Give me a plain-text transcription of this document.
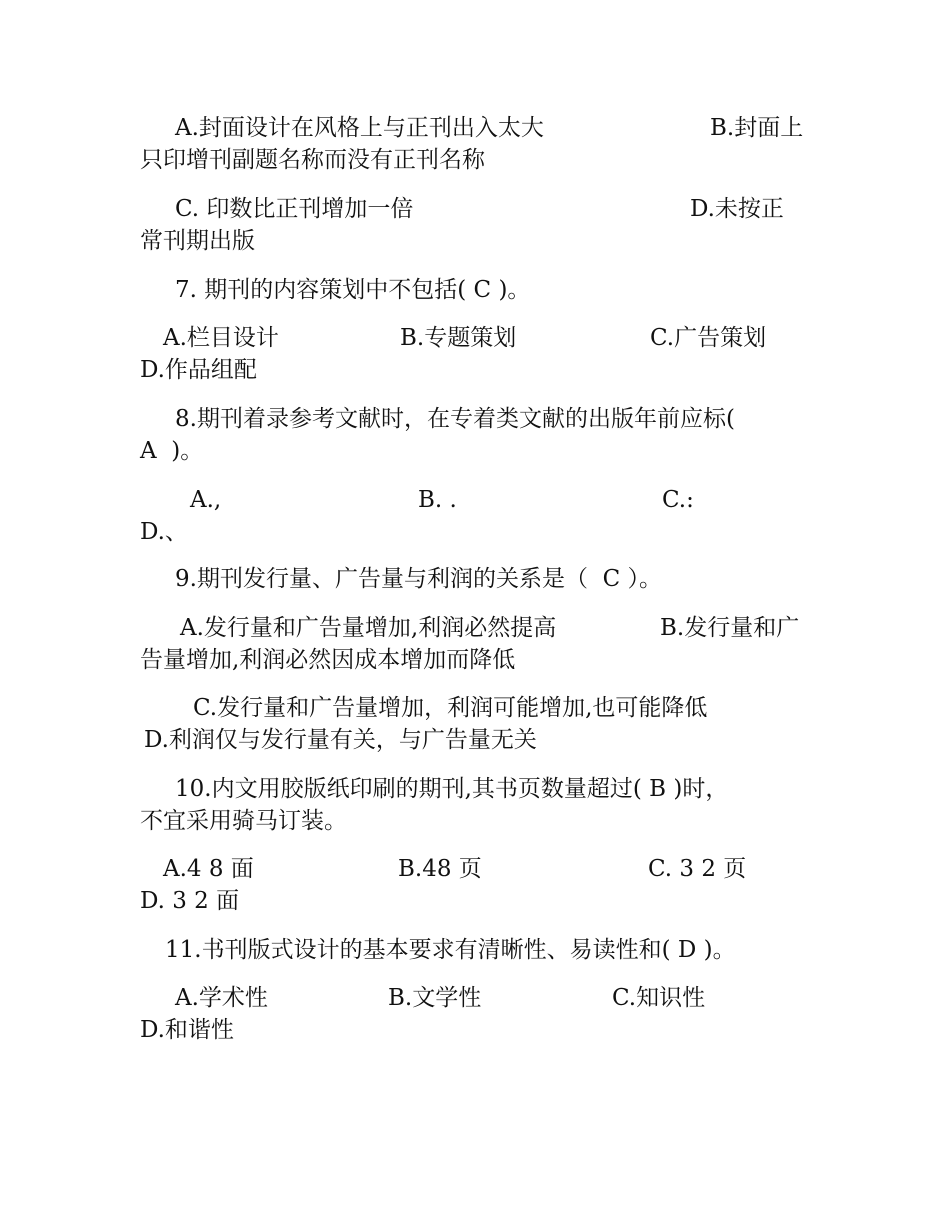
A.封面设计在风格上与正刊出入太大	B.封面上
只印增刊副题名称而没有正刊名称
C. 印数比正刊增加一倍	D.未按正
常刊期出版
7. 期刊的内容策划中不包括( C )。
A.栏目设计	B.专题策划	C.广告策划
D.作品组配
8.期刊着录参考文献时，在专着类文献的出版年前应标(
A  )。
A.,	B. .	C.:
D.、
9.期刊发行量、广告量与利润的关系是（  C ）。
A.发行量和广告量增加,利润必然提高	B.发行量和广
告量增加,利润必然因成本增加而降低
C.发行量和广告量增加，利润可能增加,也可能降低
D.利润仅与发行量有关，与广告量无关
10.内文用胶版纸印刷的期刊,其书页数量超过( B )时，
不宜采用骑马订装。
A.4 8 面	B.48 页	C. 3 2 页
D. 3 2 面
11.书刊版式设计的基本要求有清晰性、易读性和( D )。
A.学术性	B.文学性	C.知识性
D.和谐性
